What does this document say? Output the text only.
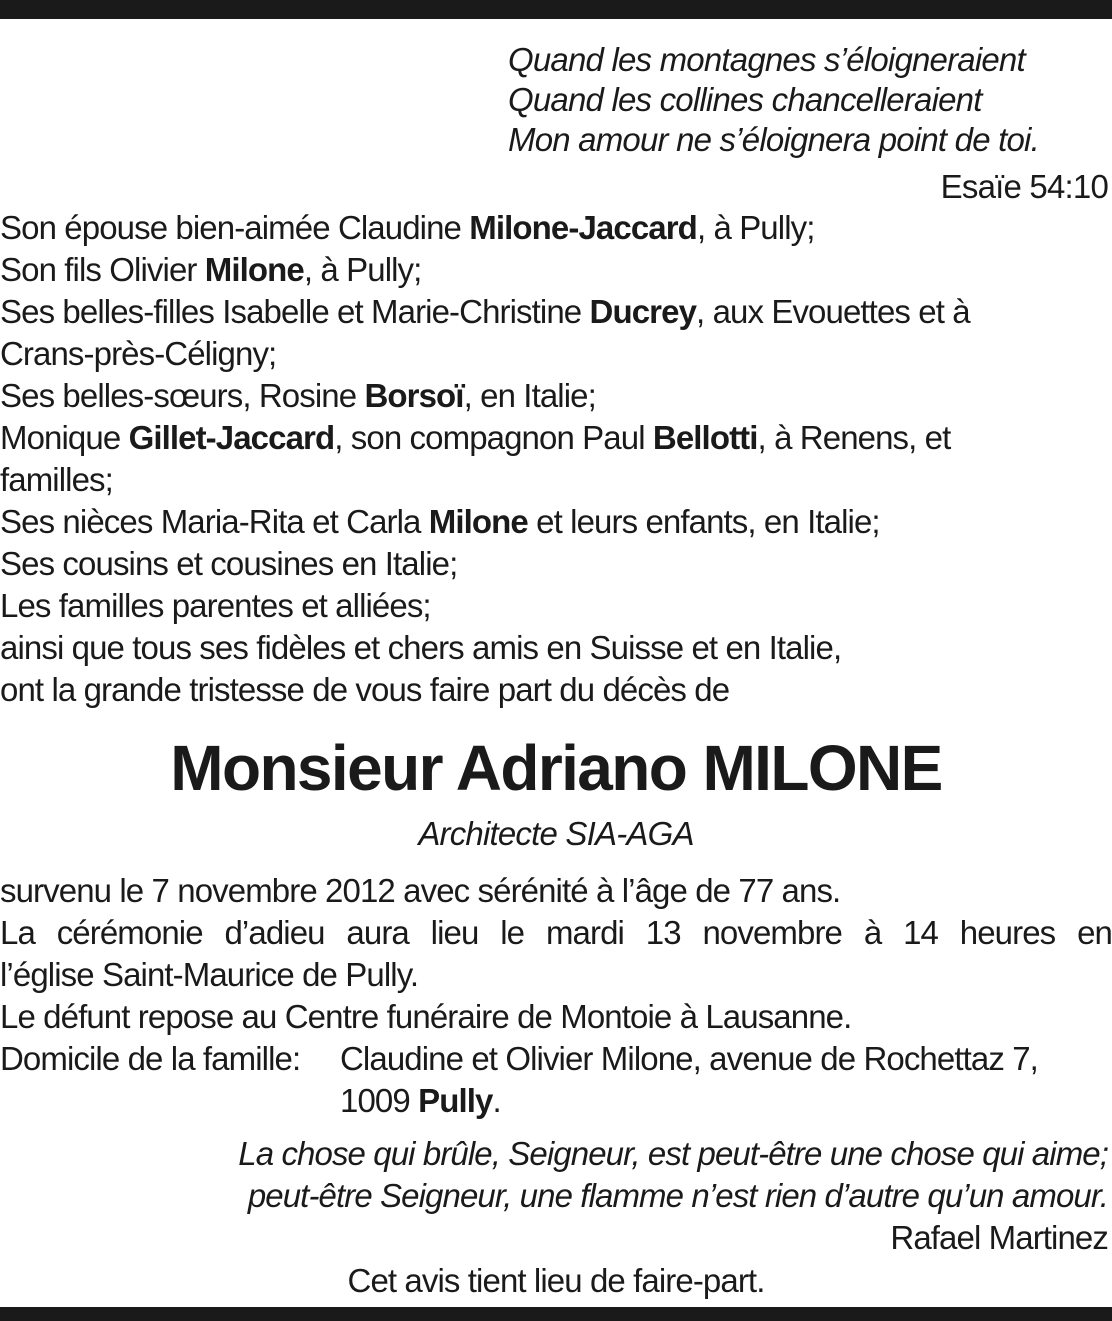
Quand les montagnes s’éloigneraient
Quand les collines chancelleraient
Mon amour ne s’éloignera point de toi.
Esaïe 54:10
Son épouse bien-aimée Claudine Milone-Jaccard, à Pully;
Son fils Olivier Milone, à Pully;
Ses belles-filles Isabelle et Marie-Christine Ducrey, aux Evouettes et à
Crans-près-Céligny;
Ses belles-sœurs, Rosine Borsoï, en Italie;
Monique Gillet-Jaccard, son compagnon Paul Bellotti, à Renens, et
familles;
Ses nièces Maria-Rita et Carla Milone et leurs enfants, en Italie;
Ses cousins et cousines en Italie;
Les familles parentes et alliées;
ainsi que tous ses fidèles et chers amis en Suisse et en Italie,
ont la grande tristesse de vous faire part du décès de
Monsieur Adriano MILONE
Architecte SIA-AGA
survenu le 7 novembre 2012 avec sérénité à l’âge de 77 ans.
La cérémonie d’adieu aura lieu le mardi 13 novembre à 14 heures en
l’église Saint-Maurice de Pully.
Le défunt repose au Centre funéraire de Montoie à Lausanne.
Domicile de la famille:	Claudine et Olivier Milone, avenue de Rochettaz 7,
1009 Pully.
La chose qui brûle, Seigneur, est peut-être une chose qui aime;
peut-être Seigneur, une flamme n’est rien d’autre qu’un amour.
Rafael Martinez
Cet avis tient lieu de faire-part.
